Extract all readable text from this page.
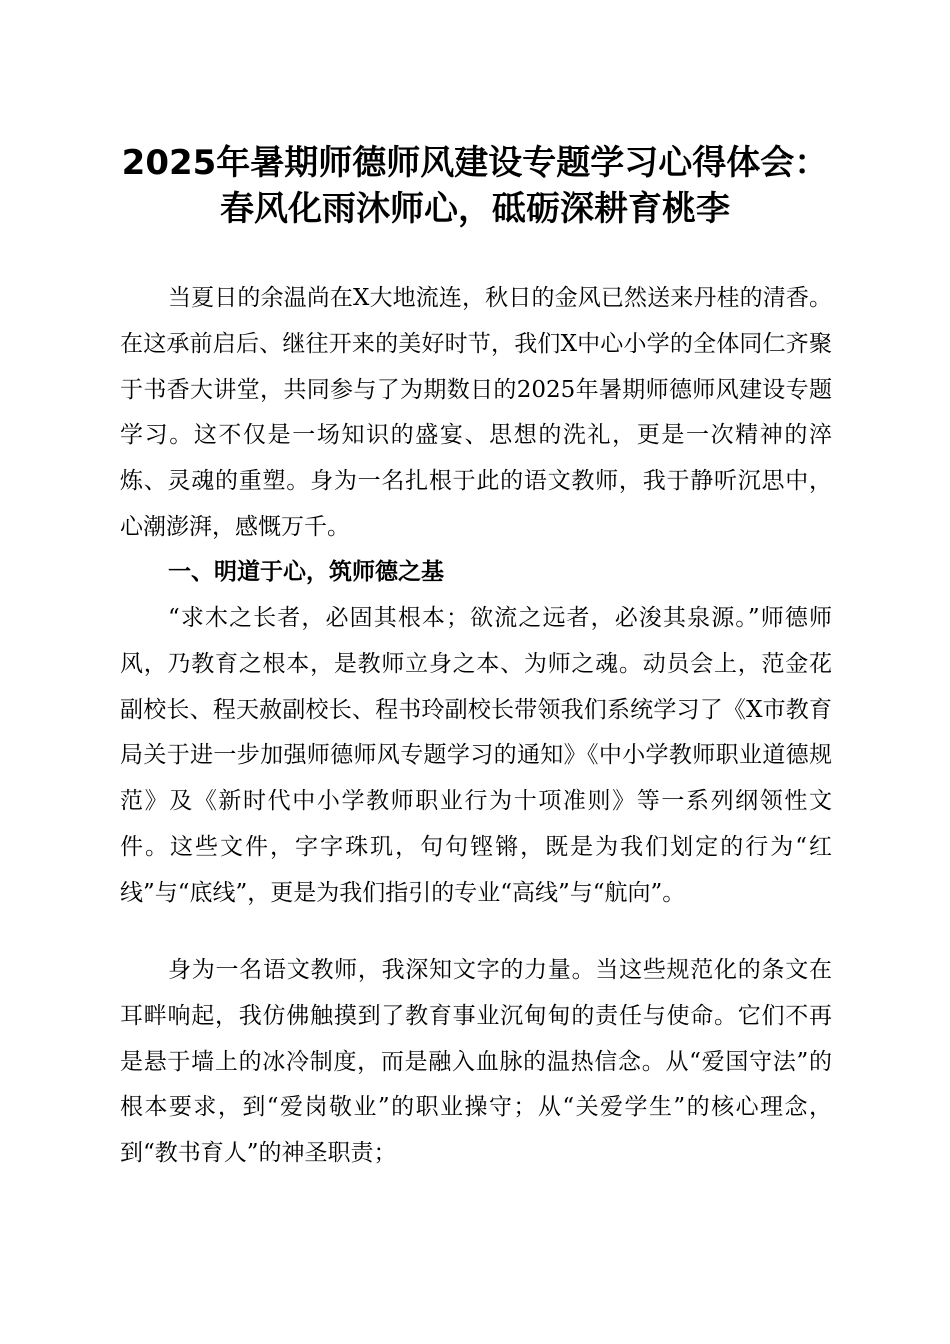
2025年暑期师德师风建设专题学习心得体会：
春风化雨沐师心，砥砺深耕育桃李

当夏日的余温尚在X大地流连，秋日的金风已然送来丹桂的清香。在这承前启后、继往开来的美好时节，我们X中心小学的全体同仁齐聚于书香大讲堂，共同参与了为期数日的2025年暑期师德师风建设专题学习。这不仅是一场知识的盛宴、思想的洗礼，更是一次精神的淬炼、灵魂的重塑。身为一名扎根于此的语文教师，我于静听沉思中，心潮澎湃，感慨万千。

一、明道于心，筑师德之基

“求木之长者，必固其根本；欲流之远者，必浚其泉源。”师德师风，乃教育之根本，是教师立身之本、为师之魂。动员会上，范金花副校长、程天赦副校长、程书玲副校长带领我们系统学习了《X市教育局关于进一步加强师德师风专题学习的通知》《中小学教师职业道德规范》及《新时代中小学教师职业行为十项准则》等一系列纲领性文件。这些文件，字字珠玑，句句铿锵，既是为我们划定的行为“红线”与“底线”，更是为我们指引的专业“高线”与“航向”。

身为一名语文教师，我深知文字的力量。当这些规范化的条文在耳畔响起，我仿佛触摸到了教育事业沉甸甸的责任与使命。它们不再是悬于墙上的冰冷制度，而是融入血脉的温热信念。从“爱国守法”的根本要求，到“爱岗敬业”的职业操守；从“关爱学生”的核心理念，到“教书育人”的神圣职责；
